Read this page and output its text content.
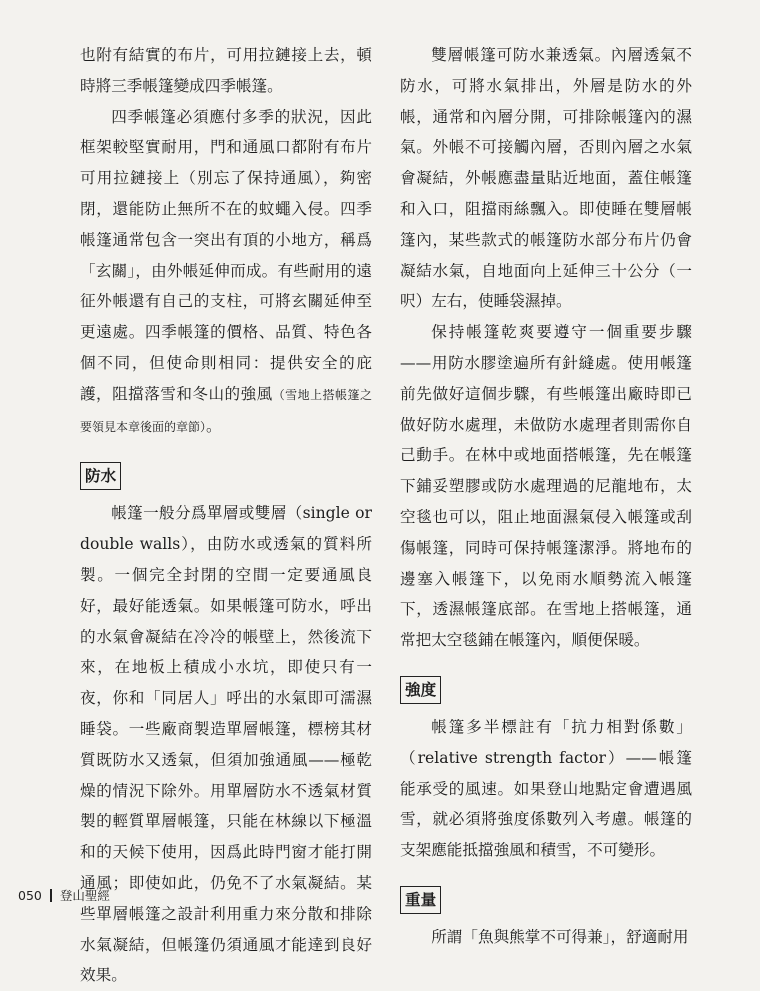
也附有結實的布片，可用拉鏈接上去，頓時將三季帳篷變成四季帳篷。

四季帳篷必須應付多季的狀況，因此框架較堅實耐用，門和通風口都附有布片可用拉鏈接上（別忘了保持通風），夠密閉，還能防止無所不在的蚊蠅入侵。四季帳篷通常包含一突出有頂的小地方，稱爲「玄關」，由外帳延伸而成。有些耐用的遠征外帳還有自己的支柱，可將玄關延伸至更遠處。四季帳篷的價格、品質、特色各個不同，但使命則相同：提供安全的庇護，阻擋落雪和冬山的強風（雪地上搭帳篷之要領見本章後面的章節）。

防水

帳篷一般分爲單層或雙層（single or double walls），由防水或透氣的質料所製。一個完全封閉的空間一定要通風良好，最好能透氣。如果帳篷可防水，呼出的水氣會凝結在冷冷的帳壁上，然後流下來，在地板上積成小水坑，即使只有一夜，你和「同居人」呼出的水氣即可濡濕睡袋。一些廠商製造單層帳篷，標榜其材質既防水又透氣，但須加強通風——極乾燥的情況下除外。用單層防水不透氣材質製的輕質單層帳篷，只能在林線以下極溫和的天候下使用，因爲此時門窗才能打開通風；即使如此，仍免不了水氣凝結。某些單層帳篷之設計利用重力來分散和排除水氣凝結，但帳篷仍須通風才能達到良好效果。

雙層帳篷可防水兼透氣。內層透氣不防水，可將水氣排出，外層是防水的外帳，通常和內層分開，可排除帳篷內的濕氣。外帳不可接觸內層，否則內層之水氣會凝結，外帳應盡量貼近地面，蓋住帳篷和入口，阻擋雨絲飄入。即使睡在雙層帳篷內，某些款式的帳篷防水部分布片仍會凝結水氣，自地面向上延伸三十公分（一呎）左右，使睡袋濕掉。

保持帳篷乾爽要遵守一個重要步驟——用防水膠塗遍所有針縫處。使用帳篷前先做好這個步驟，有些帳篷出廠時即已做好防水處理，未做防水處理者則需你自己動手。在林中或地面搭帳篷，先在帳篷下鋪妥塑膠或防水處理過的尼龍地布，太空毯也可以，阻止地面濕氣侵入帳篷或刮傷帳篷，同時可保持帳篷潔淨。將地布的邊塞入帳篷下，以免雨水順勢流入帳篷下，透濕帳篷底部。在雪地上搭帳篷，通常把太空毯鋪在帳篷內，順便保暖。

強度

帳篷多半標註有「抗力相對係數」（relative strength factor）——帳篷能承受的風速。如果登山地點定會遭遇風雪，就必須將強度係數列入考慮。帳篷的支架應能抵擋強風和積雪，不可變形。

重量

所謂「魚與熊掌不可得兼」，舒適耐用

050 登山聖經
